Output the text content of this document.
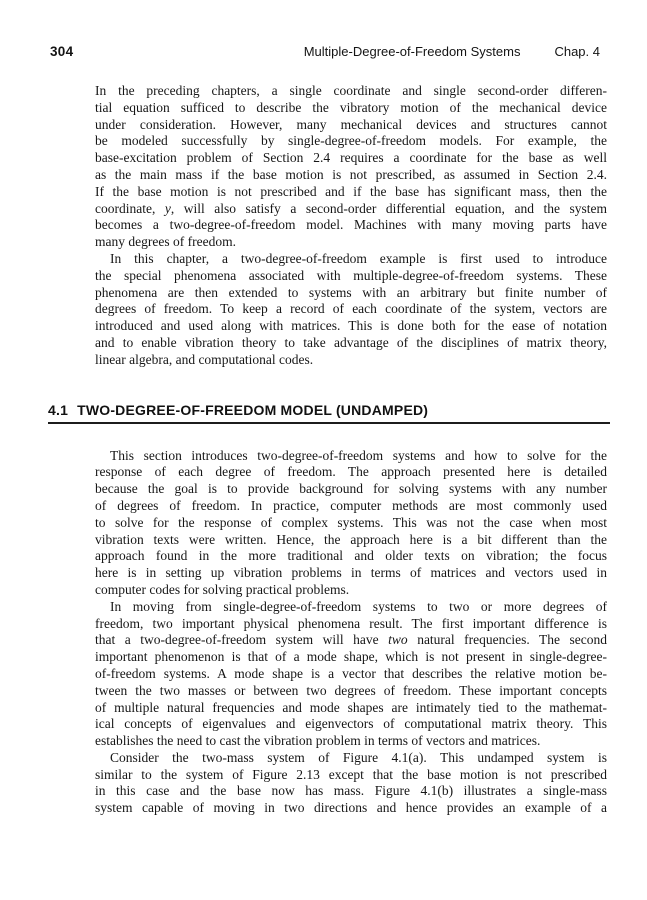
304	Multiple-Degree-of-Freedom Systems	Chap. 4
In the preceding chapters, a single coordinate and single second-order differen-
tial equation sufficed to describe the vibratory motion of the mechanical device
under consideration. However, many mechanical devices and structures cannot
be modeled successfully by single-degree-of-freedom models. For example, the
base-excitation problem of Section 2.4 requires a coordinate for the base as well
as the main mass if the base motion is not prescribed, as assumed in Section 2.4.
If the base motion is not prescribed and if the base has significant mass, then the
coordinate, y, will also satisfy a second-order differential equation, and the system
becomes a two-degree-of-freedom model. Machines with many moving parts have
many degrees of freedom.
In this chapter, a two-degree-of-freedom example is first used to introduce
the special phenomena associated with multiple-degree-of-freedom systems. These
phenomena are then extended to systems with an arbitrary but finite number of
degrees of freedom. To keep a record of each coordinate of the system, vectors are
introduced and used along with matrices. This is done both for the ease of notation
and to enable vibration theory to take advantage of the disciplines of matrix theory,
linear algebra, and computational codes.
4.1 TWO-DEGREE-OF-FREEDOM MODEL (UNDAMPED)
This section introduces two-degree-of-freedom systems and how to solve for the
response of each degree of freedom. The approach presented here is detailed
because the goal is to provide background for solving systems with any number
of degrees of freedom. In practice, computer methods are most commonly used
to solve for the response of complex systems. This was not the case when most
vibration texts were written. Hence, the approach here is a bit different than the
approach found in the more traditional and older texts on vibration; the focus
here is in setting up vibration problems in terms of matrices and vectors used in
computer codes for solving practical problems.
In moving from single-degree-of-freedom systems to two or more degrees of
freedom, two important physical phenomena result. The first important difference is
that a two-degree-of-freedom system will have two natural frequencies. The second
important phenomenon is that of a mode shape, which is not present in single-degree-
of-freedom systems. A mode shape is a vector that describes the relative motion be-
tween the two masses or between two degrees of freedom. These important concepts
of multiple natural frequencies and mode shapes are intimately tied to the mathemat-
ical concepts of eigenvalues and eigenvectors of computational matrix theory. This
establishes the need to cast the vibration problem in terms of vectors and matrices.
Consider the two-mass system of Figure 4.1(a). This undamped system is
similar to the system of Figure 2.13 except that the base motion is not prescribed
in this case and the base now has mass. Figure 4.1(b) illustrates a single-mass
system capable of moving in two directions and hence provides an example of a
